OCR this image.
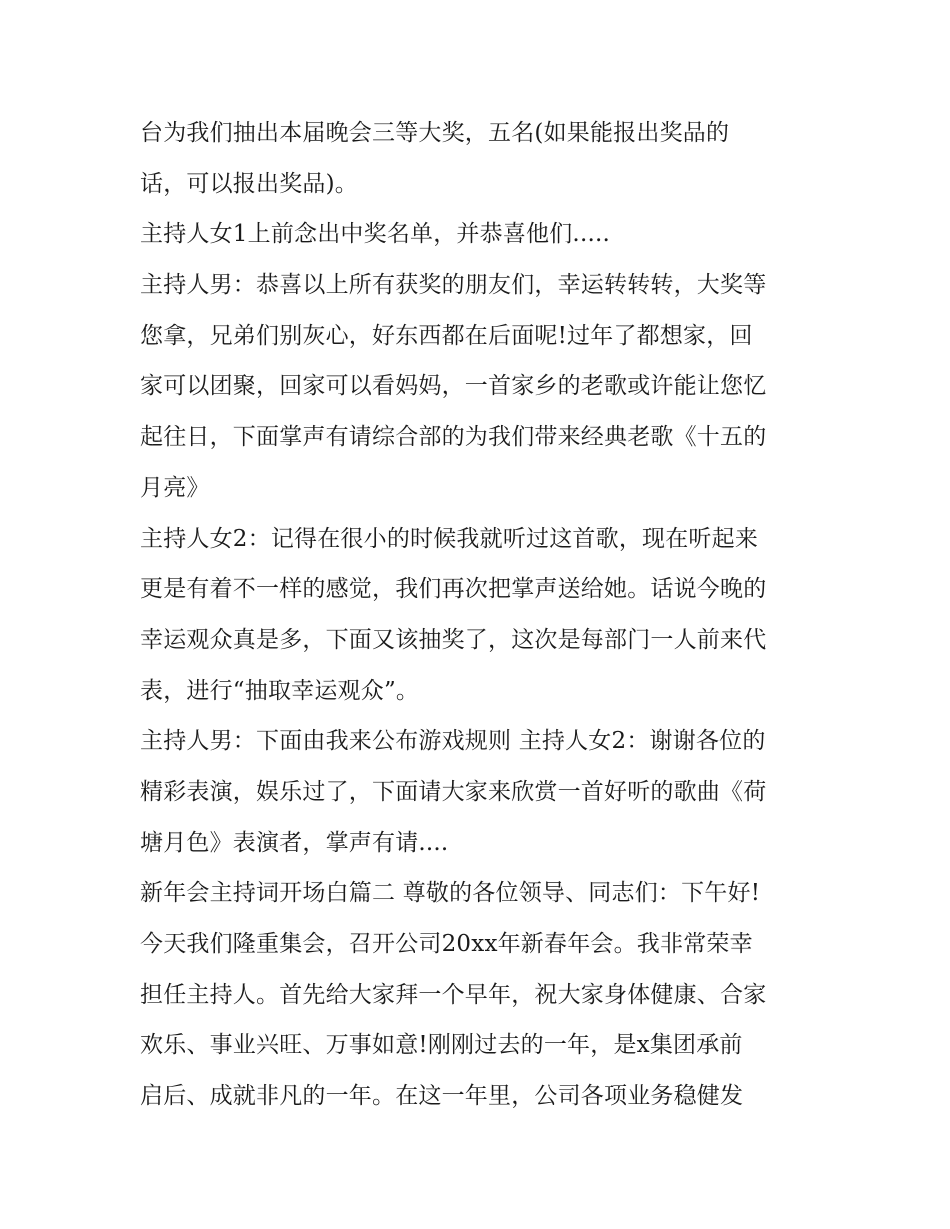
台为我们抽出本届晚会三等大奖，五名(如果能报出奖品的
话，可以报出奖品)。
主持人女1上前念出中奖名单，并恭喜他们.....
主持人男：恭喜以上所有获奖的朋友们，幸运转转转，大奖等
您拿，兄弟们别灰心，好东西都在后面呢!过年了都想家，回
家可以团聚，回家可以看妈妈，一首家乡的老歌或许能让您忆
起往日，下面掌声有请综合部的为我们带来经典老歌《十五的
月亮》
主持人女2：记得在很小的时候我就听过这首歌，现在听起来
更是有着不一样的感觉，我们再次把掌声送给她。话说今晚的
幸运观众真是多，下面又该抽奖了，这次是每部门一人前来代
表，进行“抽取幸运观众”。
主持人男：下面由我来公布游戏规则 主持人女2：谢谢各位的
精彩表演，娱乐过了，下面请大家来欣赏一首好听的歌曲《荷
塘月色》表演者，掌声有请....
新年会主持词开场白篇二 尊敬的各位领导、同志们：下午好!
今天我们隆重集会，召开公司20xx年新春年会。我非常荣幸
担任主持人。首先给大家拜一个早年，祝大家身体健康、合家
欢乐、事业兴旺、万事如意!刚刚过去的一年，是x集团承前
启后、成就非凡的一年。在这一年里，公司各项业务稳健发
